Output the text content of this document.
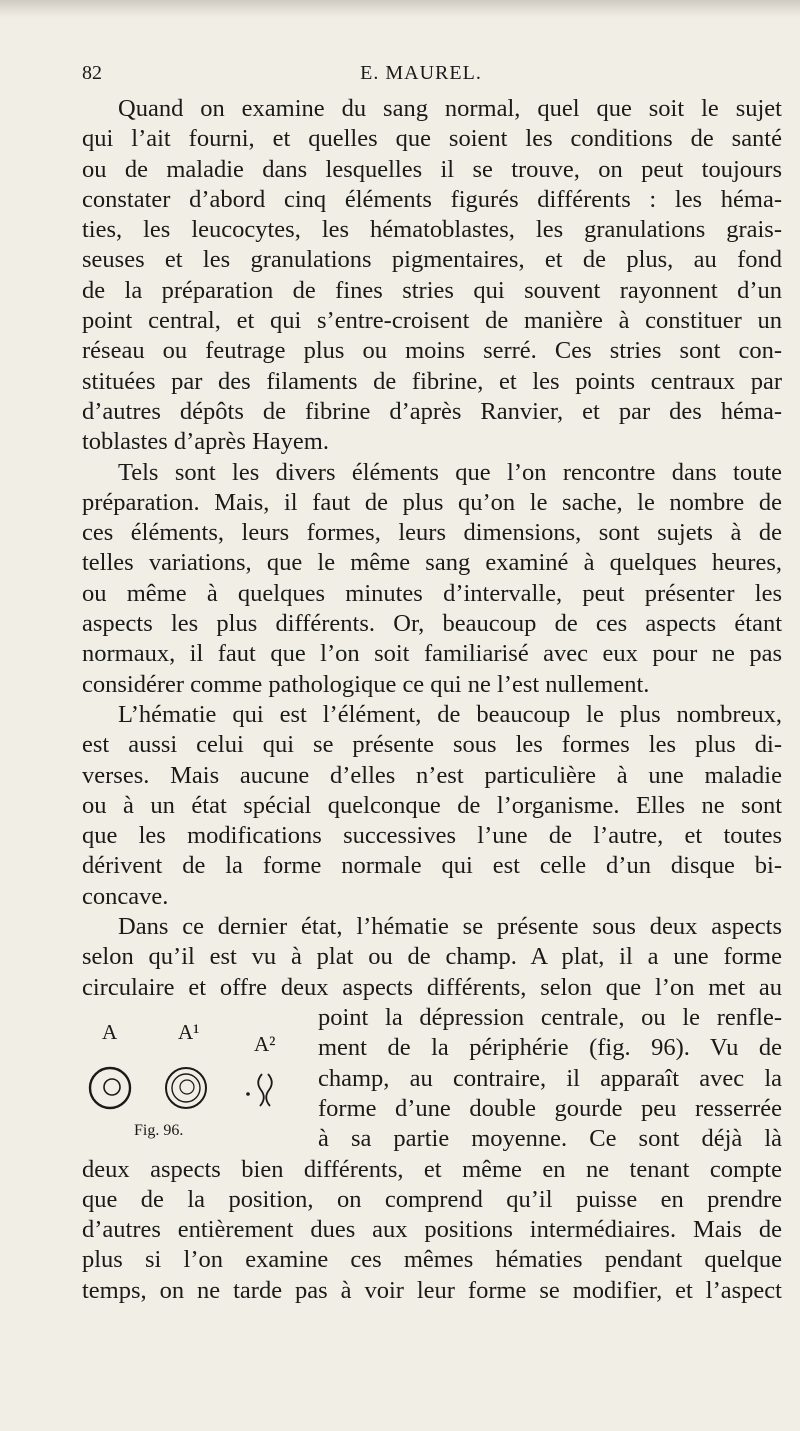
82	E. MAUREL.
Quand on examine du sang normal, quel que soit le sujet
qui l’ait fourni, et quelles que soient les conditions de santé
ou de maladie dans lesquelles il se trouve, on peut toujours
constater d’abord cinq éléments figurés différents : les héma-
ties, les leucocytes, les hématoblastes, les granulations grais-
seuses et les granulations pigmentaires, et de plus, au fond
de la préparation de fines stries qui souvent rayonnent d’un
point central, et qui s’entre-croisent de manière à constituer un
réseau ou feutrage plus ou moins serré. Ces stries sont con-
stituées par des filaments de fibrine, et les points centraux par
d’autres dépôts de fibrine d’après Ranvier, et par des héma-
toblastes d’après Hayem.
Tels sont les divers éléments que l’on rencontre dans toute
préparation. Mais, il faut de plus qu’on le sache, le nombre de
ces éléments, leurs formes, leurs dimensions, sont sujets à de
telles variations, que le même sang examiné à quelques heures,
ou même à quelques minutes d’intervalle, peut présenter les
aspects les plus différents. Or, beaucoup de ces aspects étant
normaux, il faut que l’on soit familiarisé avec eux pour ne pas
considérer comme pathologique ce qui ne l’est nullement.
L’hématie qui est l’élément, de beaucoup le plus nombreux,
est aussi celui qui se présente sous les formes les plus di-
verses. Mais aucune d’elles n’est particulière à une maladie
ou à un état spécial quelconque de l’organisme. Elles ne sont
que les modifications successives l’une de l’autre, et toutes
dérivent de la forme normale qui est celle d’un disque bi-
concave.
Dans ce dernier état, l’hématie se présente sous deux aspects
selon qu’il est vu à plat ou de champ. A plat, il a une forme
circulaire et offre deux aspects différents, selon que l’on met au
A	A¹	A²
Fig. 96.
point la dépression centrale, ou le renfle-
ment de la périphérie (fig. 96). Vu de
champ, au contraire, il apparaît avec la
forme d’une double gourde peu resserrée
à sa partie moyenne. Ce sont déjà là
deux aspects bien différents, et même en ne tenant compte
que de la position, on comprend qu’il puisse en prendre
d’autres entièrement dues aux positions intermédiaires. Mais de
plus si l’on examine ces mêmes hématies pendant quelque
temps, on ne tarde pas à voir leur forme se modifier, et l’aspect
